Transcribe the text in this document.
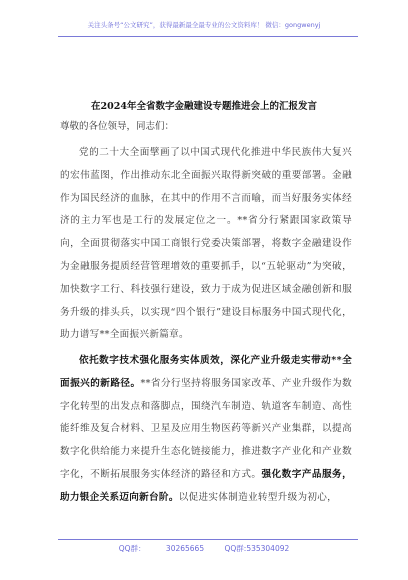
关注头条号“公文研究”，获得最新最全最专业的公文资料库！ 微信：gongwenyj
在2024年全省数字金融建设专题推进会上的汇报发言
尊敬的各位领导，同志们：
党的二十大全面擘画了以中国式现代化推进中华民族伟大复兴的宏伟蓝图，作出推动东北全面振兴取得新突破的重要部署。金融作为国民经济的血脉，在其中的作用不言而喻，而当好服务实体经济的主力军也是工行的发展定位之一。**省分行紧跟国家政策导向，全面贯彻落实中国工商银行党委决策部署，将数字金融建设作为金融服务提质经营管理增效的重要抓手，以“五轮驱动”为突破，加快数字工行、科技强行建设，致力于成为促进区域金融创新和服务升级的排头兵，以实现“四个银行”建设目标服务中国式现代化，助力谱写**全面振兴新篇章。
依托数字技术强化服务实体质效，深化产业升级走实带动**全面振兴的新路径。**省分行坚持将服务国家改革、产业升级作为数字化转型的出发点和落脚点，围绕汽车制造、轨道客车制造、高性能纤维及复合材料、卫星及应用生物医药等新兴产业集群，以提高数字化供给能力来提升生态化链接能力，推进数字产业化和产业数字化，不断拓展服务实体经济的路径和方式。强化数字产品服务，助力银企关系迈向新台阶。以促进实体制造业转型升级为初心，
QQ群： 30265665 QQ群:535304092
